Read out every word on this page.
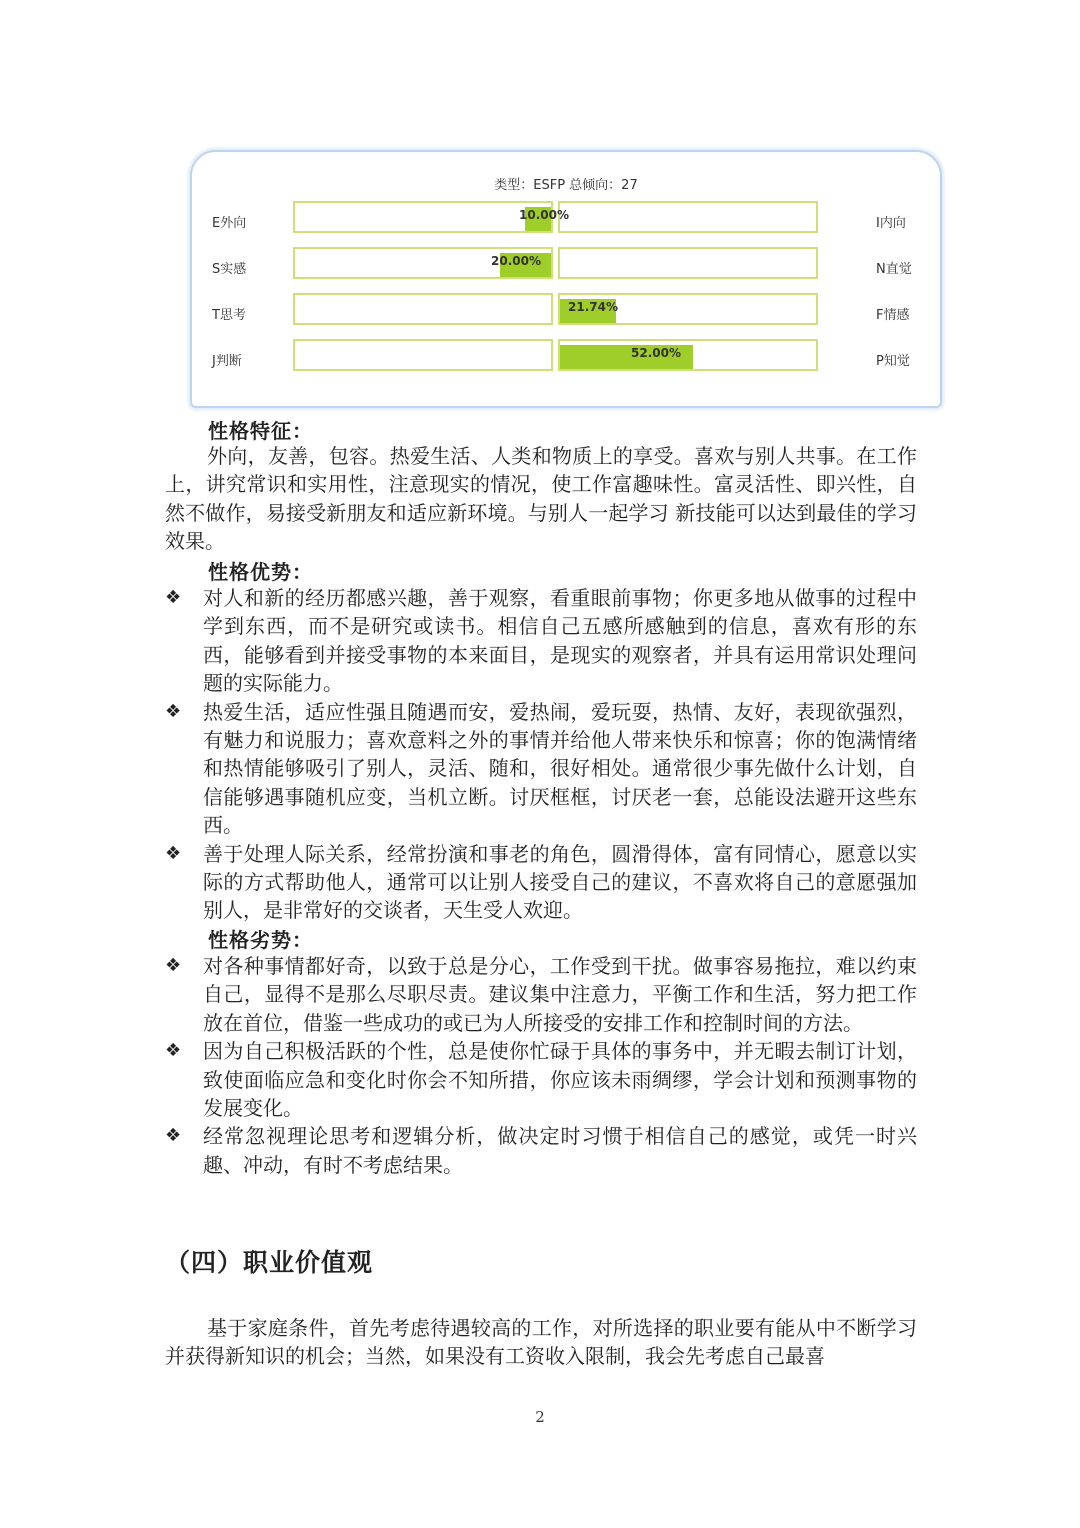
类型：ESFP 总倾向：27
E外向
S实感
T思考
J判断
I内向
N直觉
F情感
P知觉
10.00%
20.00%
21.74%
52.00%
性格特征：

外向，友善，包容。热爱生活、人类和物质上的享受。喜欢与别人共事。在工作上，讲究常识和实用性，注意现实的情况，使工作富趣味性。富灵活性、即兴性，自然不做作，易接受新朋友和适应新环境。与别人一起学习 新技能可以达到最佳的学习效果。

性格优势：
❖ 对人和新的经历都感兴趣，善于观察，看重眼前事物；你更多地从做事的过程中学到东西，而不是研究或读书。相信自己五感所感触到的信息，喜欢有形的东西，能够看到并接受事物的本来面目，是现实的观察者，并具有运用常识处理问题的实际能力。
❖ 热爱生活，适应性强且随遇而安，爱热闹，爱玩耍，热情、友好，表现欲强烈，有魅力和说服力；喜欢意料之外的事情并给他人带来快乐和惊喜；你的饱满情绪和热情能够吸引了别人，灵活、随和，很好相处。通常很少事先做什么计划，自信能够遇事随机应变，当机立断。讨厌框框，讨厌老一套，总能设法避开这些东西。
❖ 善于处理人际关系，经常扮演和事老的角色，圆滑得体，富有同情心，愿意以实际的方式帮助他人，通常可以让别人接受自己的建议，不喜欢将自己的意愿强加别人，是非常好的交谈者，天生受人欢迎。
性格劣势：
❖ 对各种事情都好奇，以致于总是分心，工作受到干扰。做事容易拖拉，难以约束自己，显得不是那么尽职尽责。建议集中注意力，平衡工作和生活，努力把工作放在首位，借鉴一些成功的或已为人所接受的安排工作和控制时间的方法。
❖ 因为自己积极活跃的个性，总是使你忙碌于具体的事务中，并无暇去制订计划，致使面临应急和变化时你会不知所措，你应该未雨绸缪，学会计划和预测事物的发展变化。
❖ 经常忽视理论思考和逻辑分析，做决定时习惯于相信自己的感觉，或凭一时兴趣、冲动，有时不考虑结果。
（四）职业价值观

基于家庭条件，首先考虑待遇较高的工作，对所选择的职业要有能从中不断学习并获得新知识的机会；当然，如果没有工资收入限制，我会先考虑自己最喜

2
